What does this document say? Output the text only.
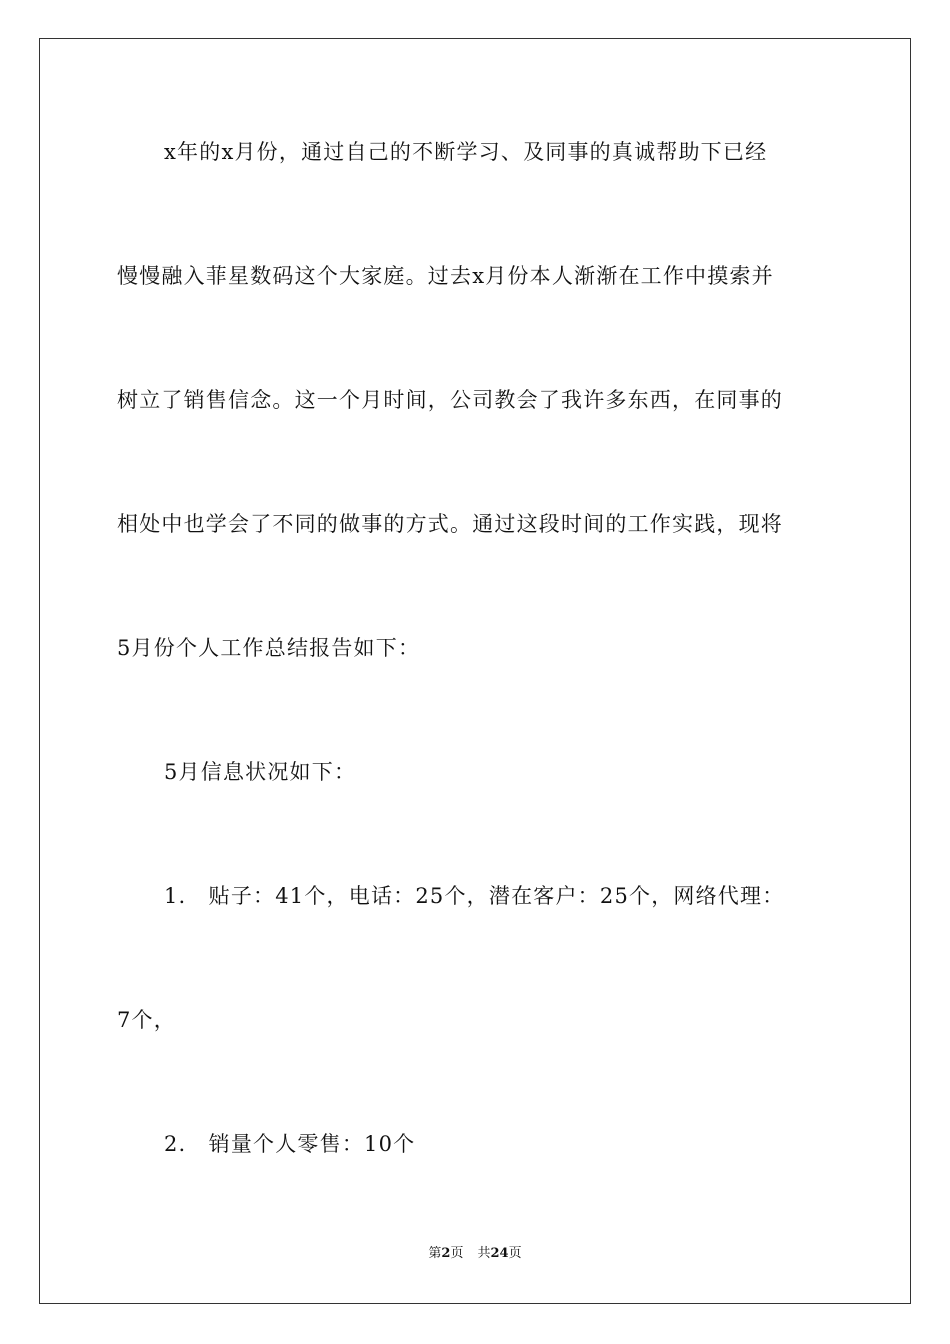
x年的x月份，通过自己的不断学习、及同事的真诚帮助下已经
慢慢融入菲星数码这个大家庭。过去x月份本人渐渐在工作中摸索并
树立了销售信念。这一个月时间，公司教会了我许多东西，在同事的
相处中也学会了不同的做事的方式。通过这段时间的工作实践，现将
5月份个人工作总结报告如下：
5月信息状况如下：
1.　贴子：41个，电话：25个，潜在客户：25个，网络代理：
7个，
2.　销量个人零售：10个
第2页 共24页
